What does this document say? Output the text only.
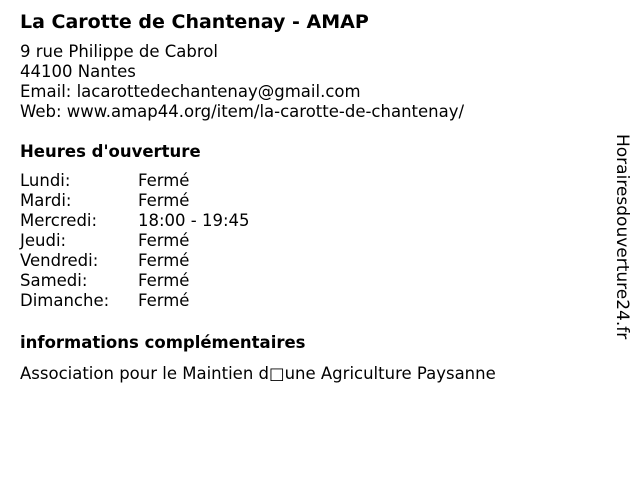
La Carotte de Chantenay - AMAP
9 rue Philippe de Cabrol
44100 Nantes
Email: lacarottedechantenay@gmail.com
Web: www.amap44.org/item/la-carotte-de-chantenay/
Heures d'ouverture
Lundi:	Fermé
Mardi:	Fermé
Mercredi:	18:00 - 19:45
Jeudi:	Fermé
Vendredi:	Fermé
Samedi:	Fermé
Dimanche:	Fermé
informations complémentaires
Association pour le Maintien d□une Agriculture Paysanne
Horairesdouverture24.fr
